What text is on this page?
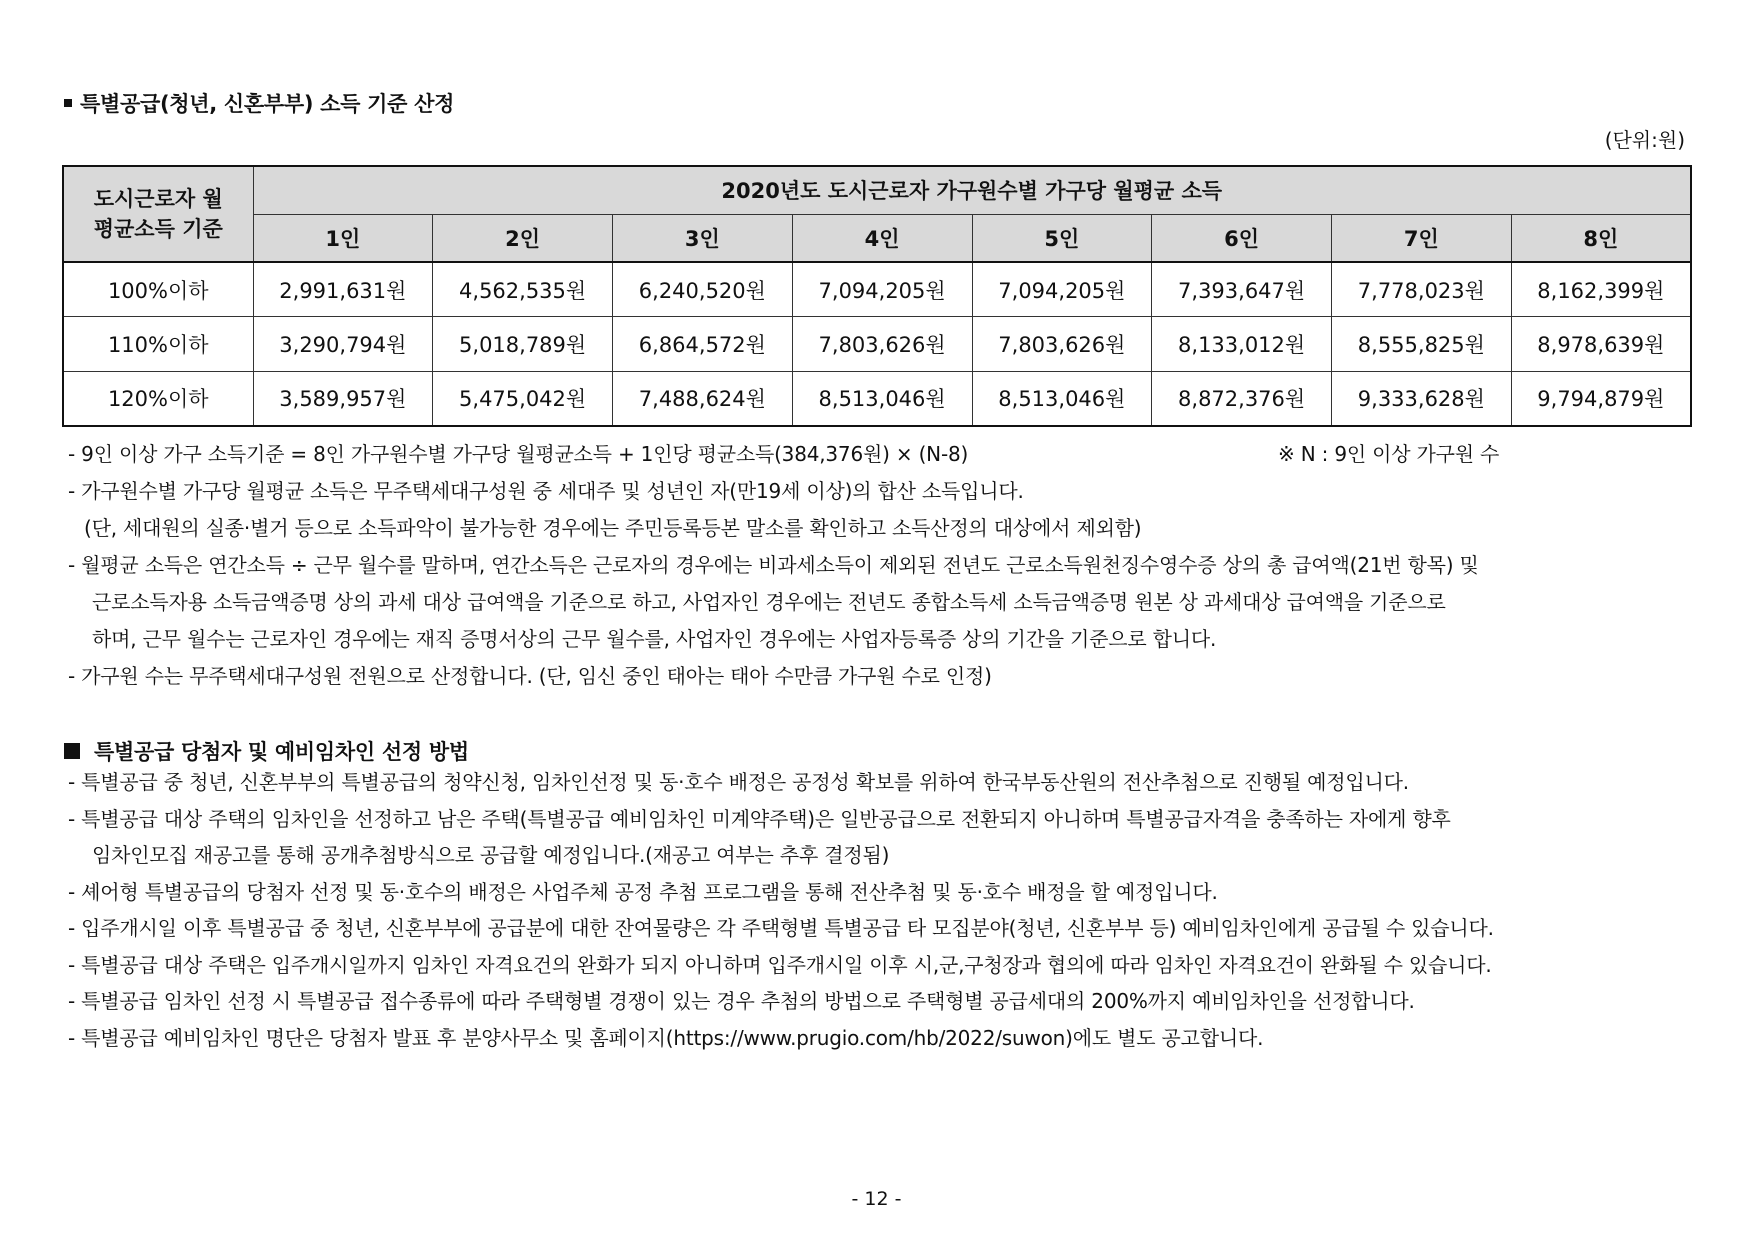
특별공급(청년, 신혼부부) 소득 기준 산정
(단위:원)
도시근로자 월평균소득 기준	2020년도 도시근로자 가구원수별 가구당 월평균 소득							
	1인	2인	3인	4인	5인	6인	7인	8인
100%이하	2,991,631원	4,562,535원	6,240,520원	7,094,205원	7,094,205원	7,393,647원	7,778,023원	8,162,399원
110%이하	3,290,794원	5,018,789원	6,864,572원	7,803,626원	7,803,626원	8,133,012원	8,555,825원	8,978,639원
120%이하	3,589,957원	5,475,042원	7,488,624원	8,513,046원	8,513,046원	8,872,376원	9,333,628원	9,794,879원

- 9인 이상 가구 소득기준 = 8인 가구원수별 가구당 월평균소득 + 1인당 평균소득(384,376원) × (N-8)	※ N : 9인 이상 가구원 수

- 가구원수별 가구당 월평균 소득은 무주택세대구성원 중 세대주 및 성년인 자(만19세 이상)의 합산 소득입니다.

(단, 세대원의 실종·별거 등으로 소득파악이 불가능한 경우에는 주민등록등본 말소를 확인하고 소득산정의 대상에서 제외함)

- 월평균 소득은 연간소득 ÷ 근무 월수를 말하며, 연간소득은 근로자의 경우에는 비과세소득이 제외된 전년도 근로소득원천징수영수증 상의 총 급여액(21번 항목) 및

근로소득자용 소득금액증명 상의 과세 대상 급여액을 기준으로 하고, 사업자인 경우에는 전년도 종합소득세 소득금액증명 원본 상 과세대상 급여액을 기준으로

하며, 근무 월수는 근로자인 경우에는 재직 증명서상의 근무 월수를, 사업자인 경우에는 사업자등록증 상의 기간을 기준으로 합니다.

- 가구원 수는 무주택세대구성원 전원으로 산정합니다. (단, 임신 중인 태아는 태아 수만큼 가구원 수로 인정)

특별공급 당첨자 및 예비임차인 선정 방법

- 특별공급 중 청년, 신혼부부의 특별공급의 청약신청, 임차인선정 및 동·호수 배정은 공정성 확보를 위하여 한국부동산원의 전산추첨으로 진행될 예정입니다.

- 특별공급 대상 주택의 임차인을 선정하고 남은 주택(특별공급 예비임차인 미계약주택)은 일반공급으로 전환되지 아니하며 특별공급자격을 충족하는 자에게 향후

임차인모집 재공고를 통해 공개추첨방식으로 공급할 예정입니다.(재공고 여부는 추후 결정됨)

- 셰어형 특별공급의 당첨자 선정 및 동·호수의 배정은 사업주체 공정 추첨 프로그램을 통해 전산추첨 및 동·호수 배정을 할 예정입니다.

- 입주개시일 이후 특별공급 중 청년, 신혼부부에 공급분에 대한 잔여물량은 각 주택형별 특별공급 타 모집분야(청년, 신혼부부 등) 예비임차인에게 공급될 수 있습니다.

- 특별공급 대상 주택은 입주개시일까지 임차인 자격요건의 완화가 되지 아니하며 입주개시일 이후 시,군,구청장과 협의에 따라 임차인 자격요건이 완화될 수 있습니다.

- 특별공급 임차인 선정 시 특별공급 접수종류에 따라 주택형별 경쟁이 있는 경우 추첨의 방법으로 주택형별 공급세대의 200%까지 예비임차인을 선정합니다.

- 특별공급 예비임차인 명단은 당첨자 발표 후 분양사무소 및 홈페이지(https://www.prugio.com/hb/2022/suwon)에도 별도 공고합니다.

- 12 -
